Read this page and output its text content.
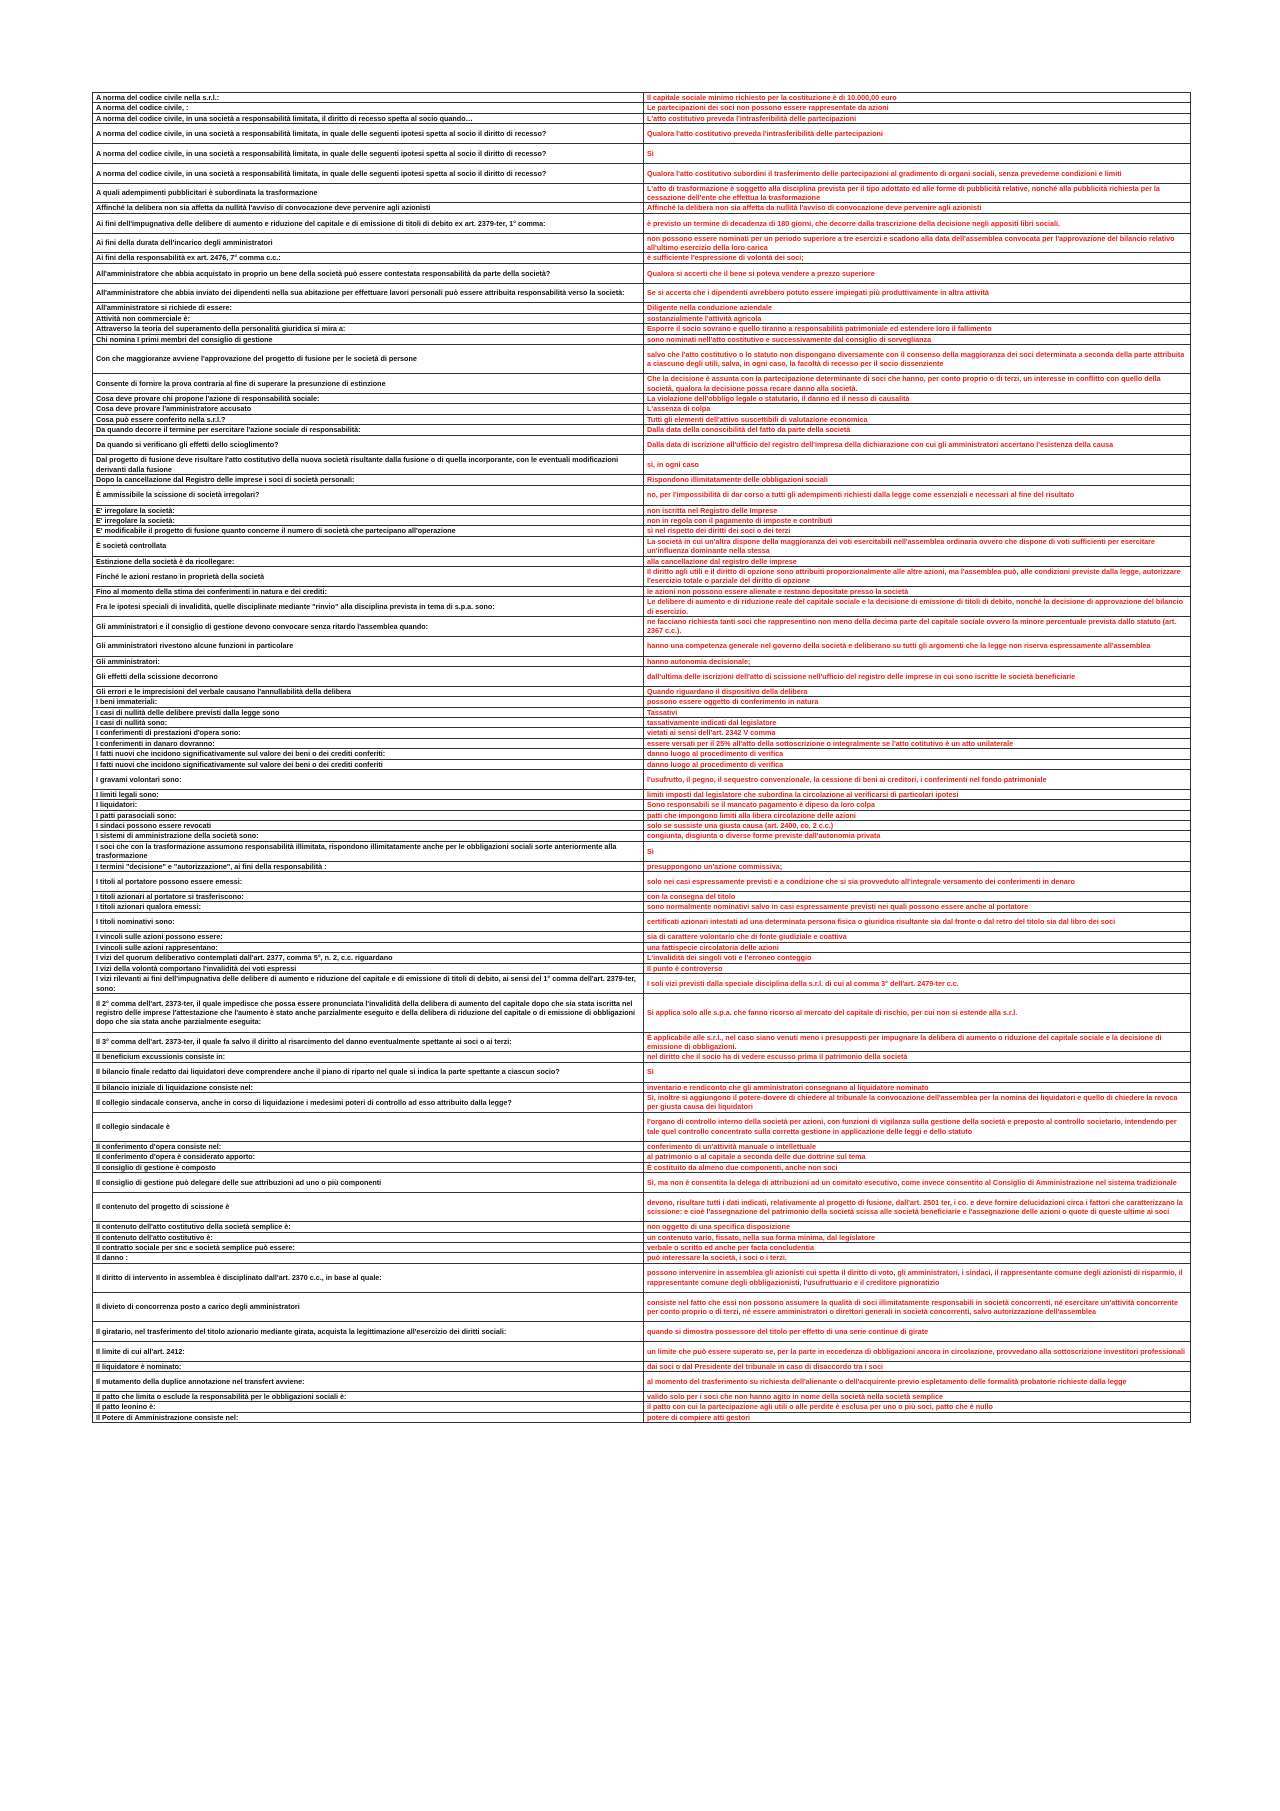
A norma del codice civile nella s.r.l.:	Il capitale sociale minimo richiesto per la costituzione è di 10.000,00 euro
A norma del codice civile, :	Le partecipazioni dei soci non possono essere rappresentate da azioni
A norma del codice civile, in una società a responsabilità limitata, il diritto di recesso spetta al socio quando…	L'atto costitutivo preveda l'intrasferibilità delle partecipazioni
A norma del codice civile, in una società a responsabilità limitata, in quale delle seguenti ipotesi spetta al socio il diritto di recesso?	Qualora l'atto costitutivo preveda l'intrasferibilità delle partecipazioni
A norma del codice civile, in una società a responsabilità limitata, in quale delle seguenti ipotesi spetta al socio il diritto di recesso?	Sì
A norma del codice civile, in una società a responsabilità limitata, in quale delle seguenti ipotesi spetta al socio il diritto di recesso?	Qualora l'atto costitutivo subordini il trasferimento delle partecipazioni al gradimento di organi sociali, senza prevederne condizioni e limiti
A quali adempimenti pubblicitari è subordinata la trasformazione	L'atto di trasformazione è soggetto alla disciplina prevista per il tipo adottato ed alle forme di pubblicità relative, nonché alla pubblicità richiesta per la cessazione dell'ente che effettua la trasformazione
Affinché la delibera non sia affetta da nullità l'avviso di convocazione deve pervenire agli azionisti	Affinché la delibera non sia affetta da nullità l'avviso di convocazione deve pervenire agli azionisti
Ai fini dell'impugnativa delle delibere di aumento e riduzione del capitale e di emissione di titoli di debito ex art. 2379-ter, 1° comma:	è previsto un termine di decadenza di 180 giorni, che decorre dalla trascrizione della decisione negli appositi libri sociali.
Ai fini della durata dell'incarico degli amministratori	non possono essere nominati per un periodo superiore a tre esercizi e scadono alla data dell'assemblea convocata per l'approvazione del bilancio relativo all'ultimo esercizio della loro carica
Ai fini della responsabilità ex art. 2476, 7° comma c.c.:	è sufficiente l'espressione di volontà dei soci;
All'amministratore che abbia acquistato in proprio un bene della società può essere contestata responsabilità da parte della società?	Qualora si accerti che il bene si poteva vendere a prezzo superiore
All'amministratore che abbia inviato dei dipendenti nella sua abitazione per effettuare lavori personali può essere attribuita responsabilità verso la società:	Se si accerta che i dipendenti avrebbero potuto essere impiegati più produttivamente in altra attività
All'amministratore si richiede di essere:	Diligente nella conduzione aziendale
Attività non commerciale è:	sostanzialmente l'attività agricola
Attraverso la teoria del superamento della personalità giuridica si mira a:	Esporre il socio sovrano e quello tiranno a responsabilità patrimoniale ed estendere loro il fallimento
Chi nomina I primi membri del consiglio di gestione	sono nominati nell'atto costitutivo e successivamente dal consiglio di sorveglianza
Con che maggioranze avviene l'approvazione del progetto di fusione per le società di persone	salvo che l'atto costitutivo o lo statuto non dispongano diversamente con il consenso della maggioranza dei soci determinata a seconda della parte attribuita a ciascuno degli utili, salva, in ogni caso, la facoltà di recesso per il socio dissenziente
Consente di fornire la prova contraria al fine di superare la presunzione di estinzione	Che la decisione è assunta con la partecipazione determinante di soci che hanno, per conto proprio o di terzi, un interesse in conflitto con quello della società, qualora la decisione possa recare danno alla società.
Cosa deve provare chi propone l'azione di responsabilità sociale:	La violazione dell'obbligo legale o statutario, il danno ed il nesso di causalità
Cosa deve provare l'amministratore accusato	L'assenza di colpa
Cosa può essere conferito nella s.r.l.?	Tutti gli elementi dell'attivo suscettibili di valutazione economica
Da quando decorre il termine per esercitare l'azione sociale di responsabilità:	Dalla data della conoscibilità del fatto da parte della società
Da quando si verificano gli effetti dello scioglimento?	Dalla data di iscrizione all'ufficio del registro dell'impresa della dichiarazione con cui gli amministratori accertano l'esistenza della causa
Dal progetto di fusione deve risultare l'atto costitutivo della nuova società risultante dalla fusione o di quella incorporante, con le eventuali modificazioni derivanti dalla fusione	sì, in ogni caso
Dopo la cancellazione dal Registro delle imprese i soci di società personali:	Rispondono illimitatamente delle obbligazioni sociali
È ammissibile la scissione di società irregolari?	no, per l'impossibilità di dar corso a tutti gli adempimenti richiesti dalla legge come essenziali e necessari al fine del risultato
E' irregolare la società:	non iscritta nel Registro delle Imprese
E' irregolare la società:	non in regola con il pagamento di imposte e contributi
E' modificabile il progetto di fusione quanto concerne il numero di società che partecipano all'operazione	sì nel rispetto dei diritti dei soci o dei terzi
È società controllata	La società in cui un'altra dispone della maggioranza dei voti esercitabili nell'assemblea ordinaria ovvero che dispone di voti sufficienti per esercitare un'influenza dominante nella stessa
Estinzione della società è da ricollegare:	alla cancellazione dal registro delle imprese
Finché le azioni restano in proprietà della società	Il diritto agli utili e il diritto di opzione sono attribuiti proporzionalmente alle altre azioni, ma l'assemblea può, alle condizioni previste dalla legge, autorizzare l'esercizio totale o parziale del diritto di opzione
Fino al momento della stima dei conferimenti in natura e dei crediti:	le azioni non possono essere alienate e restano depositate presso la società
Fra le ipotesi speciali di invalidità, quelle disciplinate mediante "rinvio" alla disciplina prevista in tema di s.p.a. sono:	Le delibere di aumento e di riduzione reale del capitale sociale e la decisione di emissione di titoli di debito, nonché la decisione di approvazione del bilancio di esercizio.
Gli amministratori e il consiglio di gestione devono convocare senza ritardo l'assemblea quando:	ne facciano richiesta tanti soci che rappresentino non meno della decima parte del capitale sociale ovvero la minore percentuale prevista dallo statuto (art. 2367 c.c.).
Gli amministratori rivestono alcune funzioni in particolare	hanno una competenza generale nel governo della società e deliberano su tutti gli argomenti che la legge non riserva espressamente all'assemblea
Gli amministratori:	hanno autonomia decisionale;
Gli effetti della scissione decorrono	dall'ultima delle iscrizioni dell'atto di scissione nell'ufficio del registro delle imprese in cui sono iscritte le società beneficiarie
Gli errori e le imprecisioni del verbale causano l'annullabilità della delibera	Quando riguardano il dispositivo della delibera
I beni immateriali:	possono essere oggetto di conferimento in natura
I casi di nullità delle delibere previsti dalla legge sono	Tassativi
I casi di nullità sono:	tassativamente indicati dal legislatore
I conferimenti di prestazioni d'opera sono:	vietati ai sensi dell'art. 2342 V comma
I conferimenti in danaro dovranno:	essere versati per il 25% all'atto della sottoscrizione o integralmente se l'atto cotitutivo è un atto unilaterale
I fatti nuovi che incidono significativamente sul valore dei beni o dei crediti conferiti:	danno luogo al procedimento di verifica
I fatti nuovi che incidono significativamente sul valore dei beni o dei crediti conferiti	danno luogo al procedimento di verifica
I gravami volontari sono:	l'usufrutto, il pegno, il sequestro convenzionale, la cessione di beni ai creditori, i conferimenti nel fondo patrimoniale
I limiti legali sono:	limiti imposti dal legislatore che subordina la circolazione al verificarsi di particolari ipotesi
I liquidatori:	Sono responsabili se il mancato pagamento è dipeso da loro colpa
I patti parasociali sono:	patti che impongono limiti alla libera circolazione delle azioni
I sindaci possono essere revocati	solo se sussiste una giusta causa (art. 2400, co. 2 c.c.)
I sistemi di amministrazione della società sono:	congiunta, disgiunta o diverse forme previste dall'autonomia privata
I soci che con la trasformazione assumono responsabilità illimitata, rispondono illimitatamente anche per le obbligazioni sociali sorte anteriormente alla trasformazione	Sì
I termini "decisione" e "autorizzazione", ai fini della responsabilità :	presuppongono un'azione commissiva;
I titoli al portatore possono essere emessi:	solo nei casi espressamente previsti e a condizione che si sia provveduto all'integrale versamento dei conferimenti in denaro
I titoli azionari al portatore si trasferiscono:	con la consegna del titolo
I titoli azionari qualora emessi:	sono normalmente nominativi salvo in casi espressamente previsti nei quali possono essere anche al portatore
I titoli nominativi sono:	certificati azionari intestati ad una determinata persona fisica o giuridica risultante sia dal fronte o dal retro del titolo sia dal libro dei soci
I vincoli sulle azioni possono essere:	sia di carattere volontario che di fonte giudiziale e coattiva
I vincoli sulle azioni rappresentano:	una fattispecie circolatoria delle azioni
I vizi del quorum deliberativo contemplati dall'art. 2377, comma 5°, n. 2, c.c. riguardano	L'invalidità dei singoli voti e l'erroneo conteggio
I vizi della volontà comportano l'invalidità dei voti espressi	Il punto è controverso
I vizi rilevanti ai fini dell'impugnativa delle delibere di aumento e riduzione del capitale e di emissione di titoli di debito, ai sensi del 1° comma dell'art. 2379-ter, sono:	I soli vizi previsti dalla speciale disciplina della s.r.l. di cui al comma 3° dell'art. 2479-ter c.c.
Il 2° comma dell'art. 2373-ter, il quale impedisce che possa essere pronunciata l'invalidità della delibera di aumento del capitale dopo che sia stata iscritta nel registro delle imprese l'attestazione che l'aumento è stato anche parzialmente eseguito e della delibera di riduzione del capitale o di emissione di obbligazioni dopo che sia stata anche parzialmente eseguita:	Si applica solo alle s.p.a. che fanno ricorso al mercato del capitale di rischio, per cui non si estende alla s.r.l.
Il 3° comma dell'art. 2373-ter, il quale fa salvo il diritto al risarcimento del danno eventualmente spettante ai soci o ai terzi:	È applicabile alle s.r.l., nel caso siano venuti meno i presupposti per impugnare la delibera di aumento o riduzione del capitale sociale e la decisione di emissione di obbligazioni.
Il beneficium excussionis consiste in:	nel diritto che il socio ha di vedere escusso prima il patrimonio della società
Il bilancio finale redatto dai liquidatori deve comprendere anche il piano di riparto nel quale si indica la parte spettante a ciascun socio?	Sì
Il bilancio iniziale di liquidazione consiste nel:	inventario e rendiconto che gli amministratori consegnano al liquidatore nominato
Il collegio sindacale conserva, anche in corso di liquidazione i medesimi poteri di controllo ad esso attribuito dalla legge?	Sì, inoltre si aggiungono il potere-dovere di chiedere al tribunale la convocazione dell'assemblea per la nomina dei liquidatori e quello di chiedere la revoca per giusta causa dei liquidatori
Il collegio sindacale è	l'organo di controllo interno della società per azioni, con funzioni di vigilanza sulla gestione della società e preposto al controllo societario, intendendo per tale quel controllo concentrato sulla corretta gestione in applicazione delle leggi e dello statuto
Il conferimento d'opera consiste nel:	conferimento di un'attività manuale o intellettuale
Il conferimento d'opera è considerato apporto:	al patrimonio o al capitale a seconda delle due dottrine sul tema
Il consiglio di gestione è composto	È costituito da almeno due componenti, anche non soci
Il consiglio di gestione può delegare delle sue attribuzioni ad uno o più componenti	Sì, ma non è consentita la delega di attribuzioni ad un comitato esecutivo, come invece consentito al Consiglio di Amministrazione nel sistema tradizionale
Il contenuto del progetto di scissione è	devono, risultare tutti i dati indicati, relativamente al progetto di fusione, dall'art. 2501 ter, i co. e deve fornire delucidazioni circa i fattori che caratterizzano la scissione: e cioè l'assegnazione del patrimonio della società scissa alle società beneficiarie e l'assegnazione delle azioni o quote di queste ultime ai soci
Il contenuto dell'atto costitutivo della società semplice è:	non oggetto di una specifica disposizione
Il contenuto dell'atto costitutivo è:	un contenuto vario, fissato, nella sua forma minima, dal legislatore
Il contratto sociale per snc e società semplice può essere:	verbale o scritto ed anche per facta concludentia
Il danno :	può interessare la società, i soci o i terzi.
Il diritto di intervento in assemblea è disciplinato dall'art. 2370 c.c., in base al quale:	possono intervenire in assemblea gli azionisti cui spetta il diritto di voto, gli amministratori, i sindaci, il rappresentante comune degli azionisti di risparmio, il rappresentante comune degli obbligazionisti, l'usufruttuario e il creditore pignoratizio
Il divieto di concorrenza posto a carico degli amministratori	consiste nel fatto che essi non possono assumere la qualità di soci illimitatamente responsabili in società concorrenti, né esercitare un'attività concorrente per conto proprio o di terzi, né essere amministratori o direttori generali in società concorrenti, salvo autorizzazione dell'assemblea
Il giratario, nel trasferimento del titolo azionario mediante girata, acquista la legittimazione all'esercizio dei diritti sociali:	quando si dimostra possessore del titolo per effetto di una serie continue di girate
Il limite di cui all'art. 2412:	un limite che può essere superato se, per la parte in eccedenza di obbligazioni ancora in circolazione, provvedano alla sottoscrizione investitori professionali
Il liquidatore è nominato:	dai soci o dal Presidente del tribunale in caso di disaccordo tra i soci
Il mutamento della duplice annotazione nel transfert avviene:	al momento del trasferimento su richiesta dell'alienante o dell'acquirente previo espletamento delle formalità probatorie richieste dalla legge
Il patto che limita o esclude la responsabilità per le obbligazioni sociali è:	valido solo per i soci che non hanno agito in nome della società nella società semplice
Il patto leonino è:	il patto con cui la partecipazione agli utili o alle perdite è esclusa per uno o più soci, patto che è nullo
Il Potere di Amministrazione consiste nel:	potere di compiere atti gestori
